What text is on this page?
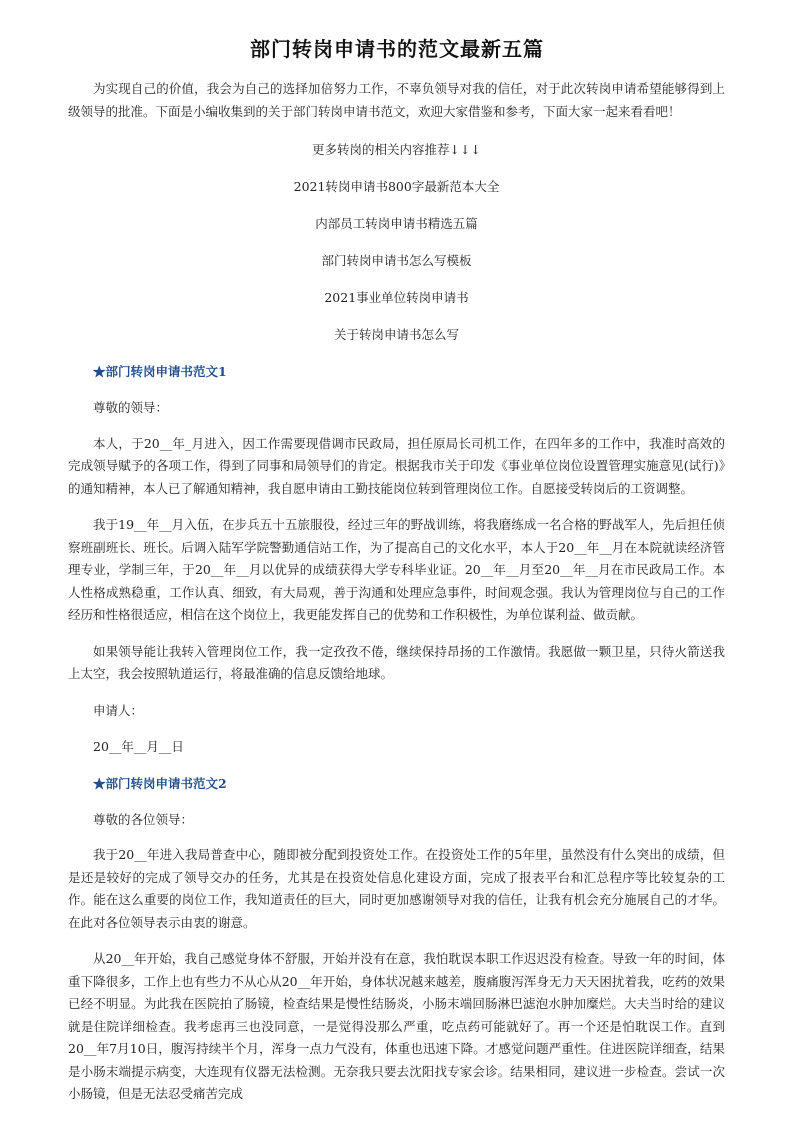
部门转岗申请书的范文最新五篇

为实现自己的价值，我会为自己的选择加倍努力工作，不辜负领导对我的信任，对于此次转岗申请希望能够得到上级领导的批准。下面是小编收集到的关于部门转岗申请书范文，欢迎大家借鉴和参考，下面大家一起来看看吧！

更多转岗的相关内容推荐↓↓↓
2021转岗申请书800字最新范本大全
内部员工转岗申请书精选五篇
部门转岗申请书怎么写模板
2021事业单位转岗申请书
关于转岗申请书怎么写
★部门转岗申请书范文1

尊敬的领导：

本人，于20__年_月进入，因工作需要现借调市民政局，担任原局长司机工作，在四年多的工作中，我准时高效的完成领导赋予的各项工作，得到了同事和局领导们的肯定。根据我市关于印发《事业单位岗位设置管理实施意见(试行)》的通知精神，本人已了解通知精神，我自愿申请由工勤技能岗位转到管理岗位工作。自愿接受转岗后的工资调整。

我于19__年__月入伍，在步兵五十五旅服役，经过三年的野战训练，将我磨练成一名合格的野战军人，先后担任侦察班副班长、班长。后调入陆军学院警勤通信站工作，为了提高自己的文化水平，本人于20__年__月在本院就读经济管理专业，学制三年，于20__年__月以优异的成绩获得大学专科毕业证。20__年__月至20__年__月在市民政局工作。本人性格成熟稳重，工作认真、细致，有大局观，善于沟通和处理应急事件，时间观念强。我认为管理岗位与自己的工作经历和性格很适应，相信在这个岗位上，我更能发挥自己的优势和工作积极性，为单位谋利益、做贡献。

如果领导能让我转入管理岗位工作，我一定孜孜不倦，继续保持昂扬的工作激情。我愿做一颗卫星，只待火箭送我上太空，我会按照轨道运行，将最准确的信息反馈给地球。

申请人：

20__年__月__日

★部门转岗申请书范文2

尊敬的各位领导：

我于20__年进入我局普查中心，随即被分配到投资处工作。在投资处工作的5年里，虽然没有什么突出的成绩，但是还是较好的完成了领导交办的任务，尤其是在投资处信息化建设方面，完成了报表平台和汇总程序等比较复杂的工作。能在这么重要的岗位工作，我知道责任的巨大，同时更加感谢领导对我的信任，让我有机会充分施展自己的才华。在此对各位领导表示由衷的谢意。

从20__年开始，我自己感觉身体不舒服，开始并没有在意，我怕耽误本职工作迟迟没有检查。导致一年的时间，体重下降很多，工作上也有些力不从心从20__年开始，身体状况越来越差，腹痛腹泻浑身无力天天困扰着我，吃药的效果已经不明显。为此我在医院拍了肠镜，检查结果是慢性结肠炎，小肠末端回肠淋巴滤泡水肿加糜烂。大夫当时给的建议就是住院详细检查。我考虑再三也没同意，一是觉得没那么严重，吃点药可能就好了。再一个还是怕耽误工作。直到20__年7月10日，腹泻持续半个月，浑身一点力气没有，体重也迅速下降。才感觉问题严重性。住进医院详细查，结果是小肠末端提示病变，大连现有仪器无法检测。无奈我只要去沈阳找专家会诊。结果相同，建议进一步检查。尝试一次小肠镜，但是无法忍受痛苦完成
